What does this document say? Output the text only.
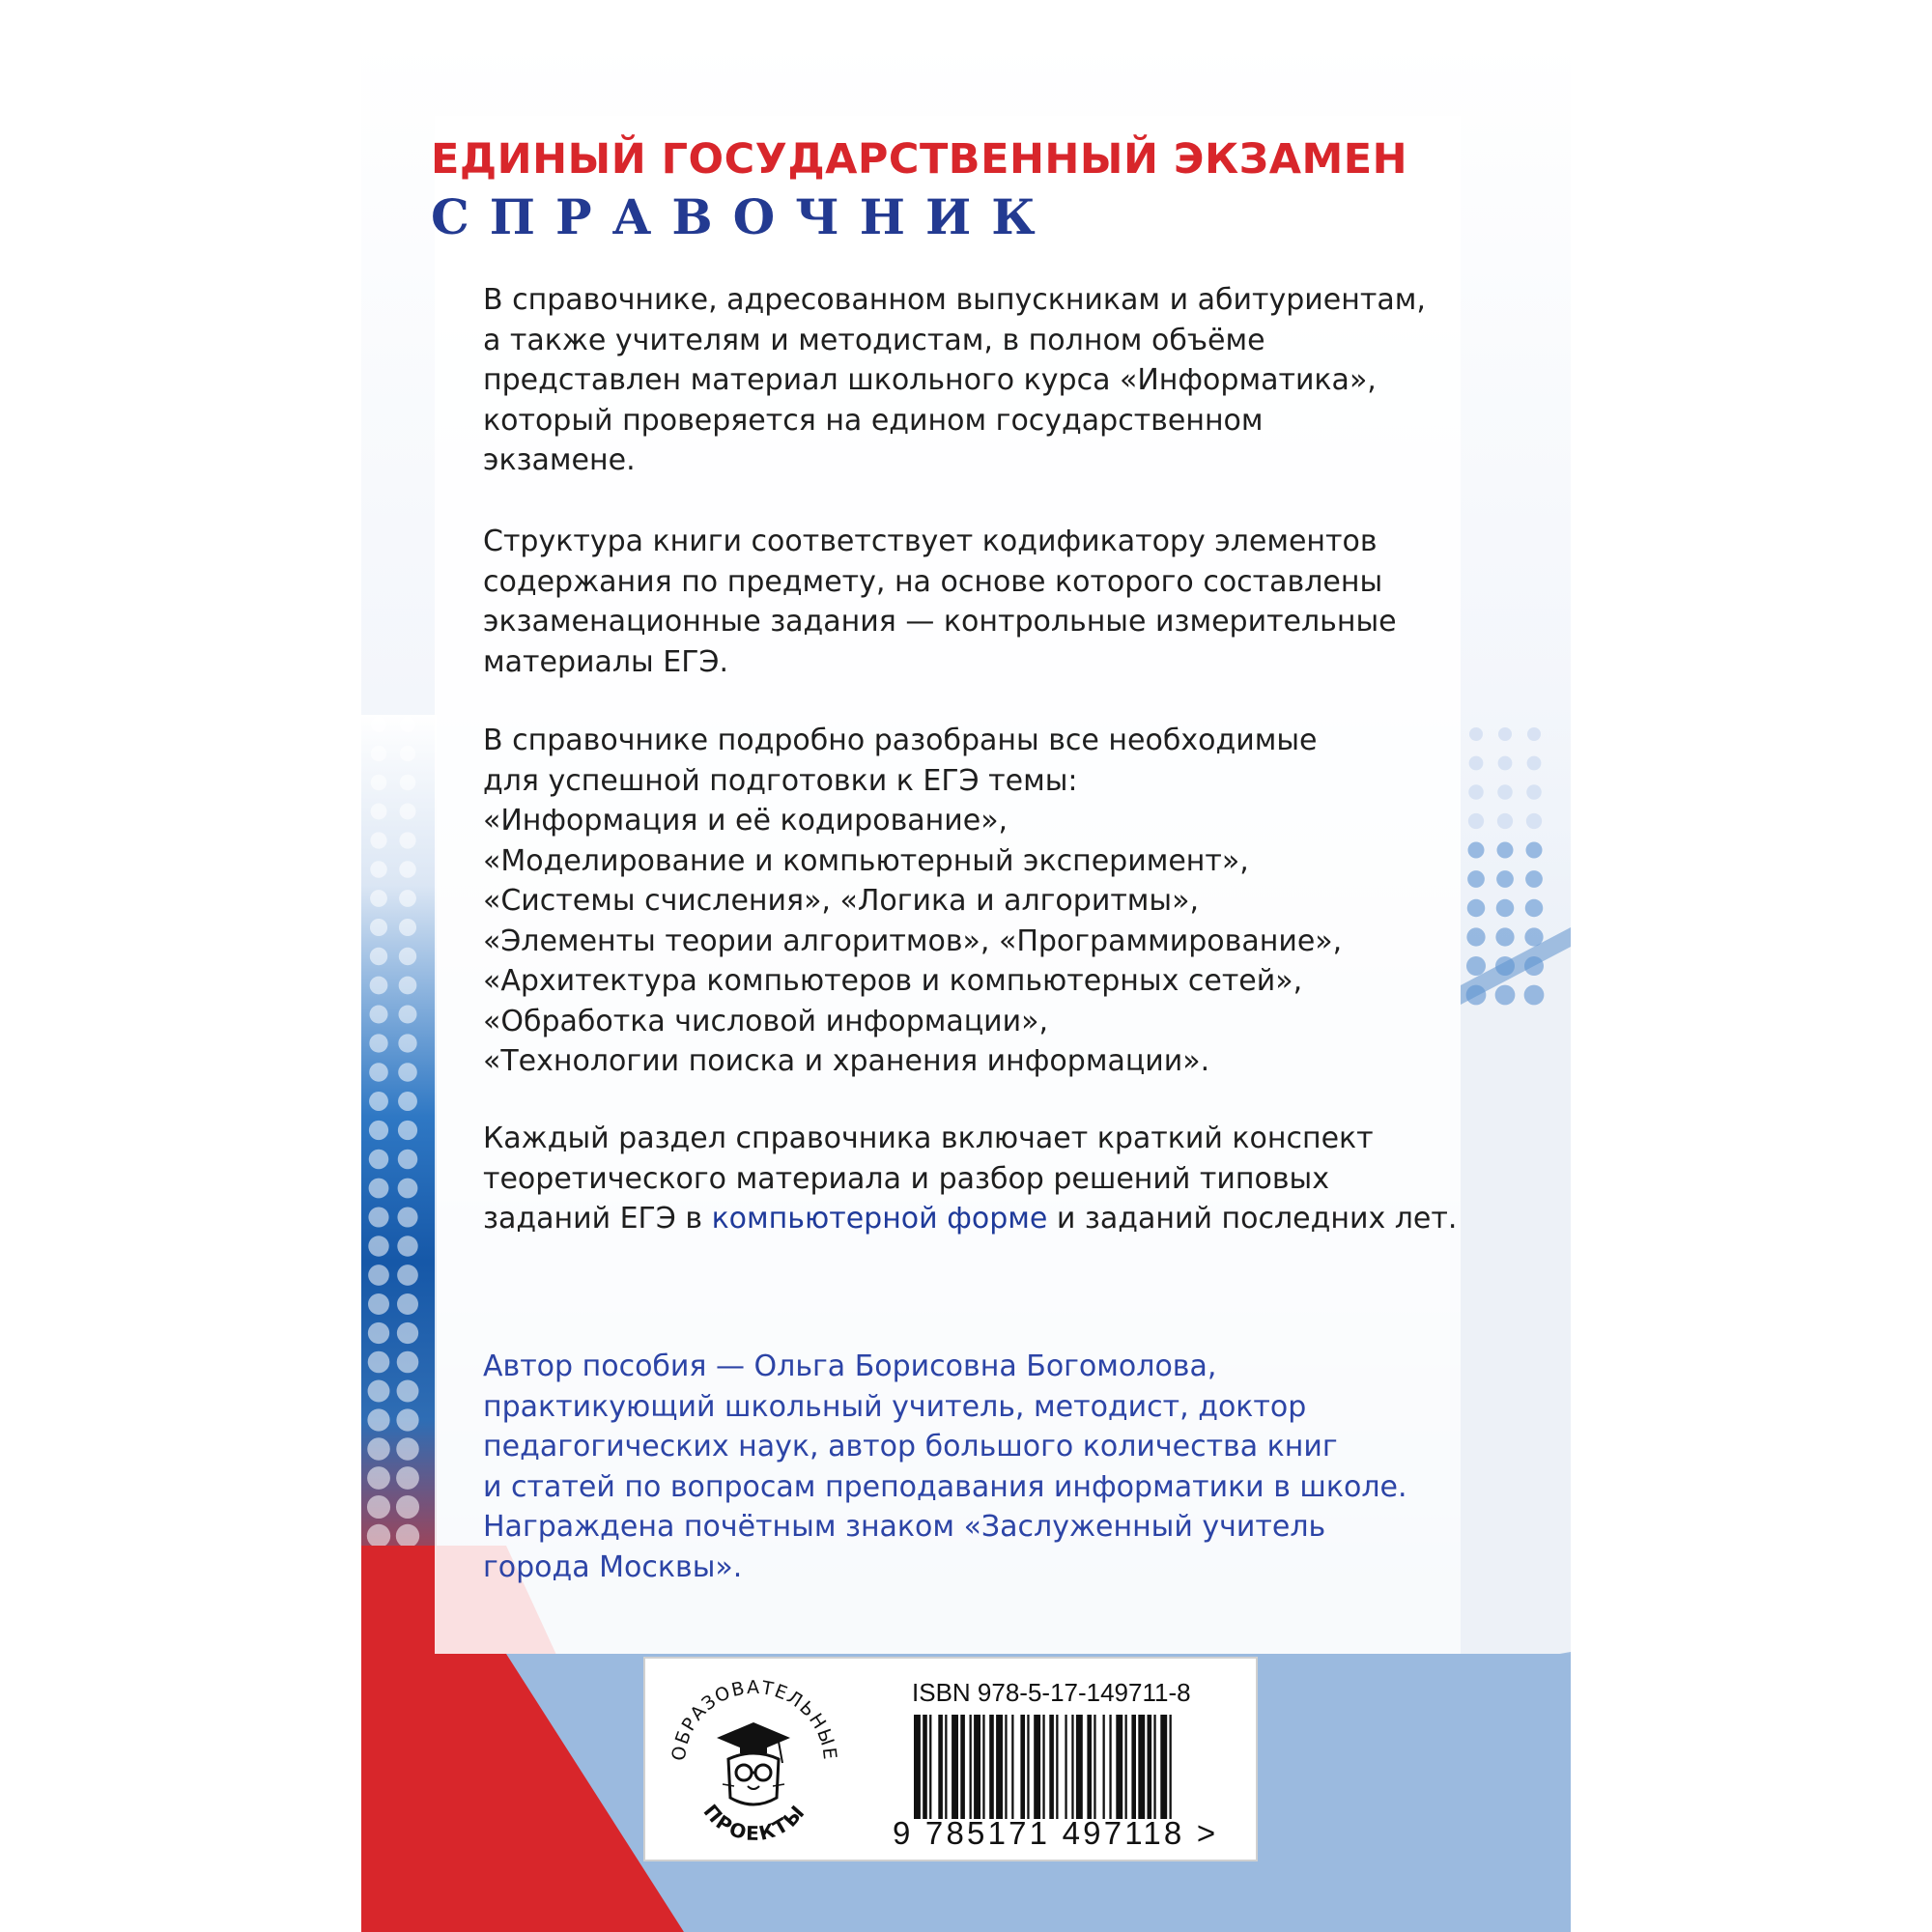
ЕДИНЫЙ ГОСУДАРСТВЕННЫЙ ЭКЗАМЕН
СПРАВОЧНИК
В справочнике, адресованном выпускникам и абитуриентам,
а также учителям и методистам, в полном объёме
представлен материал школьного курса «Информатика»,
который проверяется на едином государственном
экзамене.
Структура книги соответствует кодификатору элементов
содержания по предмету, на основе которого составлены
экзаменационные задания — контрольные измерительные
материалы ЕГЭ.
В справочнике подробно разобраны все необходимые
для успешной подготовки к ЕГЭ темы:
«Информация и её кодирование»,
«Моделирование и компьютерный эксперимент»,
«Системы счисления», «Логика и алгоритмы»,
«Элементы теории алгоритмов», «Программирование»,
«Архитектура компьютеров и компьютерных сетей»,
«Обработка числовой информации»,
«Технологии поиска и хранения информации».
Каждый раздел справочника включает краткий конспект
теоретического материала и разбор решений типовых
заданий ЕГЭ в компьютерной форме и заданий последних лет.
Автор пособия — Ольга Борисовна Богомолова,
практикующий школьный учитель, методист, доктор
педагогических наук, автор большого количества книг
и статей по вопросам преподавания информатики в школе.
Награждена почётным знаком «Заслуженный учитель
города Москвы».
ОБРАЗОВАТЕЛЬНЫЕ
ПРОЕКТЫ
ISBN 978-5-17-149711-8
9 785171 497118 >
